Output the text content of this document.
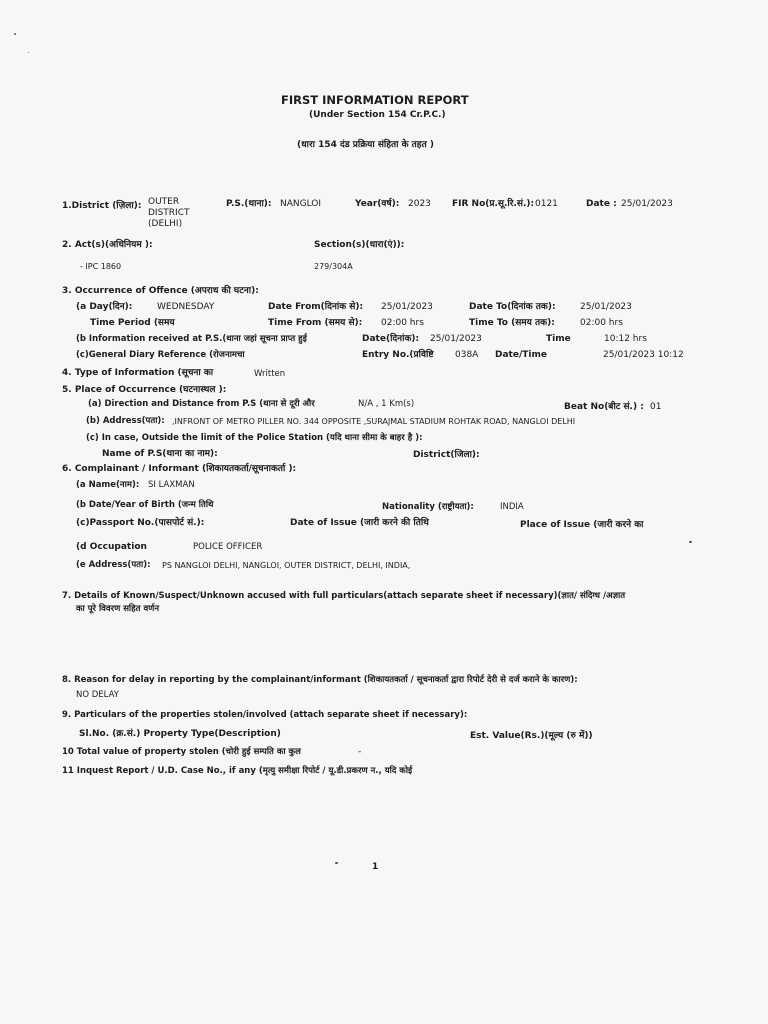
FIRST INFORMATION REPORT
(Under Section 154 Cr.P.C.)
(धारा 154 दंड प्रक्रिया संहिता के तहत )
1.District (ज़िला): OUTER
DISTRICT
(DELHI)
P.S.(थाना): NANGLOI	Year(वर्ष): 2023 FIR No(प्र.सू.रि.सं.): 0121	Date : 25/01/2023
2. Act(s)(अधिनियम ):	Section(s)(धारा(एं)):
- IPC 1860	279/304A
3. Occurrence of Offence (अपराध की घटना):
(a Day(दिन):	WEDNESDAY	Date From(दिनांक से): 25/01/2023	Date To(दिनांक तक):	25/01/2023
Time Period (समय	Time From (समय से): 02:00 hrs	Time To (समय तक):	02:00 hrs
(b Information received at P.S.(थाना जहां सूचना प्राप्त हुई	Date(दिनांक): 25/01/2023	Time	10:12 hrs
(c)General Diary Reference (रोजनामचा	Entry No.(प्रविष्टि 038A Date/Time	25/01/2023 10:12
4. Type of Information (सूचना का	Written
5. Place of Occurrence (घटनास्थल ):
(a) Direction and Distance from P.S (थाना से दूरी और	N/A , 1 Km(s)	Beat No(बीट सं.) : 01
(b) Address(पता): ,INFRONT OF METRO PILLER NO. 344 OPPOSITE ,SURAJMAL STADIUM ROHTAK ROAD, NANGLOI DELHI
(c) In case, Outside the limit of the Police Station (यदि थाना सीमा के बाहर है ):
Name of P.S(थाना का नाम):	District(जिला):
6. Complainant / Informant (शिकायतकर्ता/सूचनाकर्ता ):
(a Name(नाम): SI LAXMAN
(b Date/Year of Birth (जन्म तिथि	Nationality (राष्ट्रीयता):	INDIA
(c)Passport No.(पासपोर्ट सं.):	Date of Issue (जारी करने की तिथि	Place of Issue (जारी करने का
(d Occupation	POLICE OFFICER
(e Address(पता): PS NANGLOI DELHI, NANGLOI, OUTER DISTRICT, DELHI, INDIA,
7. Details of Known/Suspect/Unknown accused with full particulars(attach separate sheet if necessary)(ज्ञात/ संदिग्ध /अज्ञात
का पूरे विवरण सहित वर्णन
8. Reason for delay in reporting by the complainant/informant (शिकायतकर्ता / सूचनाकर्ता द्वारा रिपोर्ट देरी से दर्ज कराने के कारण):
NO DELAY
9. Particulars of the properties stolen/involved (attach separate sheet if necessary):
Sl.No. (क्र.सं.) Property Type(Description)	Est. Value(Rs.)(मूल्य (रु में))
10 Total value of property stolen (चोरी हुई सम्पति का कुल	-
11 Inquest Report / U.D. Case No., if any (मृत्यु समीक्षा रिपोर्ट / यू.डी.प्रकरण न., यदि कोई
1
